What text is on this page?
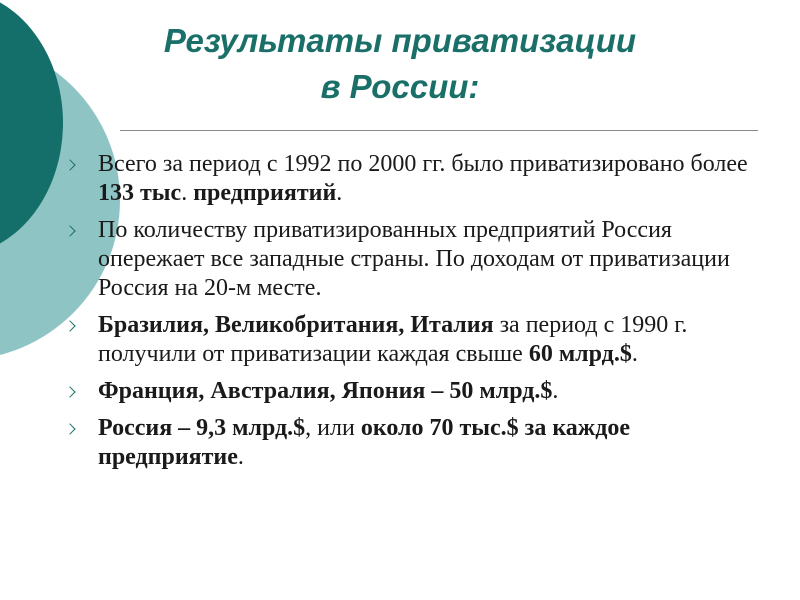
Результаты приватизации
в России:
Всего за период с 1992 по 2000 гг. было приватизировано более 133 тыс. предприятий.
По количеству приватизированных предприятий Россия опережает все западные страны. По доходам от приватизации Россия на 20-м месте.
Бразилия, Великобритания, Италия за период с 1990 г. получили от приватизации каждая свыше 60 млрд.$.
Франция, Австралия, Япония – 50 млрд.$.
Россия – 9,3 млрд.$, или около 70 тыс.$ за каждое предприятие.
